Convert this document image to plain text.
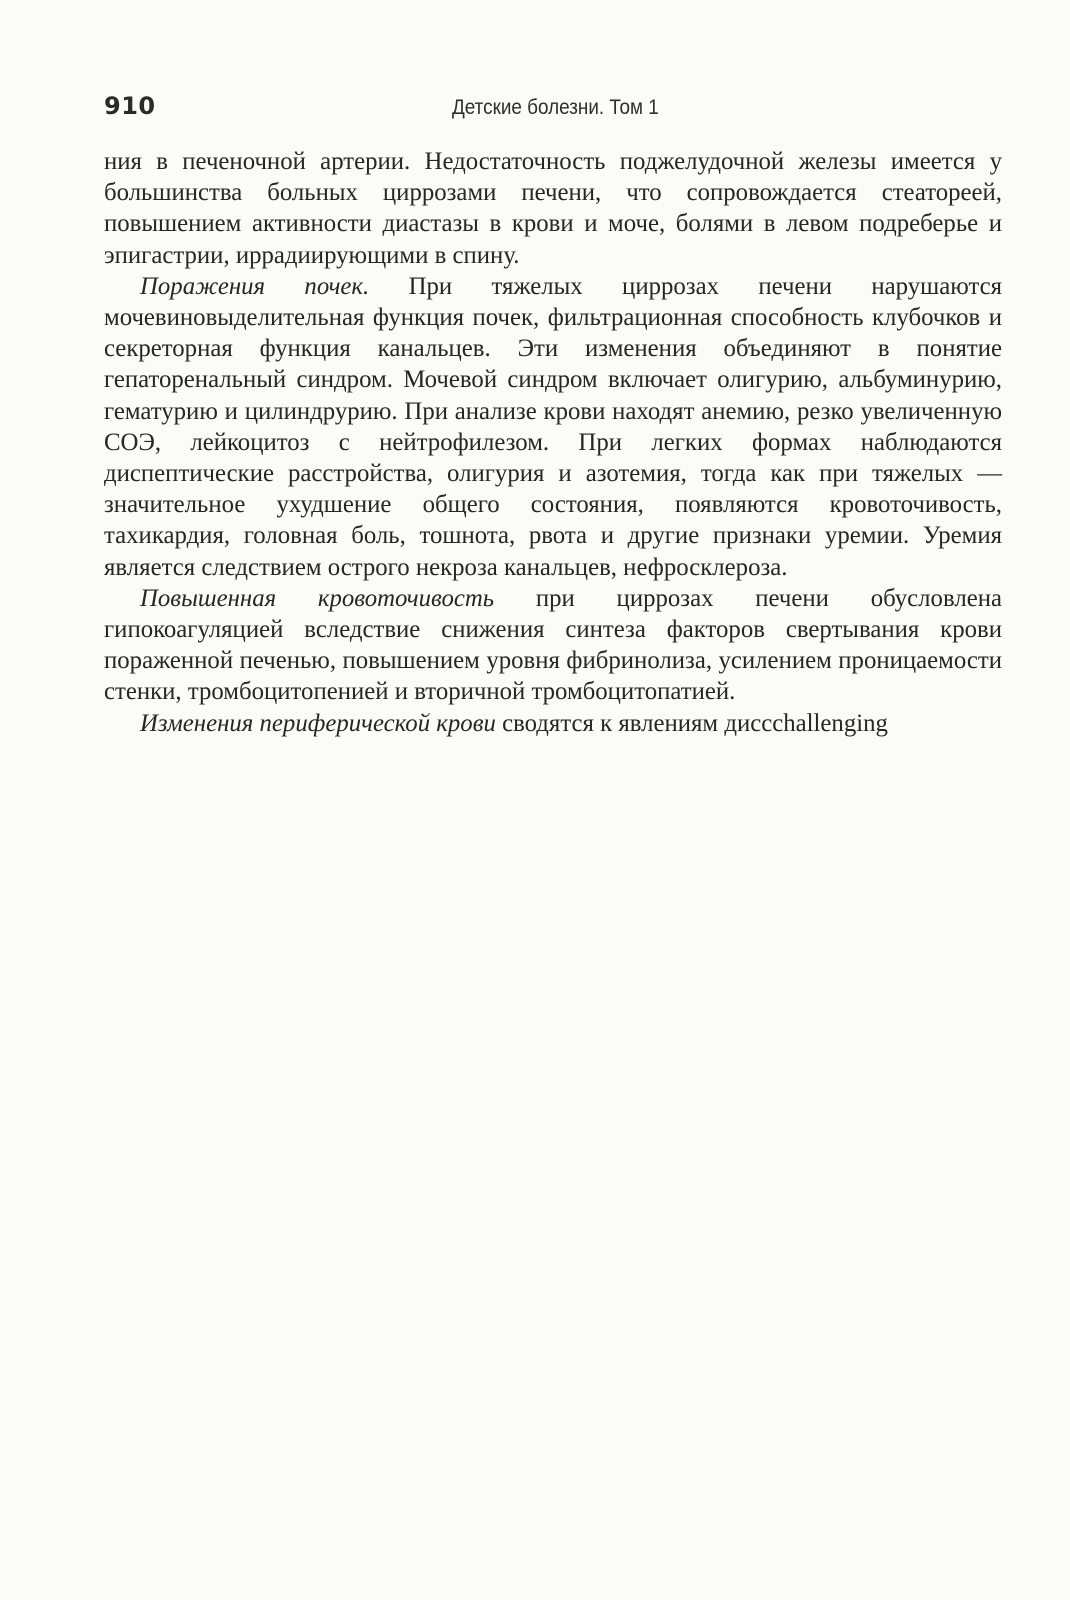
910	Детские болезни. Том 1

ния в печеночной артерии. Недостаточность поджелудочной железы имеется у большинства больных циррозами печени, что сопровождается стеатореей, повышением активности диастазы в крови и моче, болями в левом подреберье и эпигастрии, иррадиирующими в спину.

Поражения почек. При тяжелых циррозах печени нарушаются мочевиновыделительная функция почек, фильтрационная способность клубочков и секреторная функция канальцев. Эти изменения объединяют в понятие гепаторенальный синдром. Мочевой синдром включает олигурию, альбуминурию, гематурию и цилиндрурию. При анализе крови находят анемию, резко увеличенную СОЭ, лейкоцитоз с нейтрофилезом. При легких формах наблюдаются диспептические расстройства, олигурия и азотемия, тогда как при тяжелых — значительное ухудшение общего состояния, появляются кровоточивость, тахикардия, головная боль, тошнота, рвота и другие признаки уремии. Уремия является следствием острого некроза канальцев, нефросклероза.

Повышенная кровоточивость при циррозах печени обусловлена гипокоагуляцией вследствие снижения синтеза факторов свертывания крови пораженной печенью, повышением уровня фибринолиза, усилением проницаемости стенки, тромбоцитопенией и вторичной тромбоцитопатией.

Изменения периферической крови сводятся к явлениям диссchallenging
